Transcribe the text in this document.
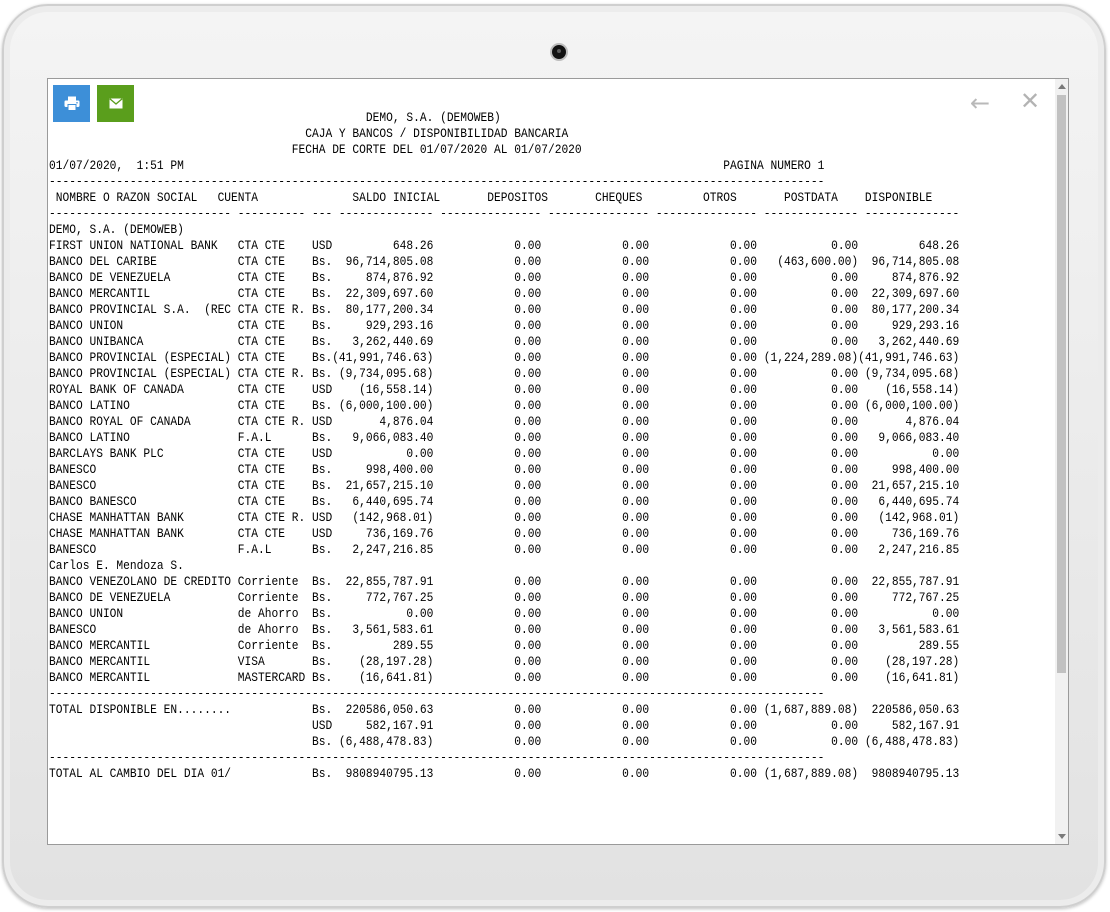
← ✕
DEMO, S.A. (DEMOWEB)
CAJA Y BANCOS / DISPONIBILIDAD BANCARIA
FECHA DE CORTE DEL 01/07/2020 AL 01/07/2020
01/07/2020,  1:51 PM                                                                                PAGINA NUMERO 1
-------------------------------------------------------------------------------------------------------------------
NOMBRE O RAZON SOCIAL   CUENTA              SALDO INICIAL       DEPOSITOS       CHEQUES         OTROS       POSTDATA    DISPONIBLE
--------------------------- ---------- --- -------------- --------------- --------------- --------------- -------------- --------------
DEMO, S.A. (DEMOWEB)
FIRST UNION NATIONAL BANK   CTA CTE    USD         648.26            0.00            0.00            0.00           0.00         648.26
BANCO DEL CARIBE            CTA CTE    Bs.  96,714,805.08            0.00            0.00            0.00   (463,600.00)  96,714,805.08
BANCO DE VENEZUELA          CTA CTE    Bs.     874,876.92            0.00            0.00            0.00           0.00     874,876.92
BANCO MERCANTIL             CTA CTE    Bs.  22,309,697.60            0.00            0.00            0.00           0.00  22,309,697.60
BANCO PROVINCIAL S.A.  (REC CTA CTE R. Bs.  80,177,200.34            0.00            0.00            0.00           0.00  80,177,200.34
BANCO UNION                 CTA CTE    Bs.     929,293.16            0.00            0.00            0.00           0.00     929,293.16
BANCO UNIBANCA              CTA CTE    Bs.   3,262,440.69            0.00            0.00            0.00           0.00   3,262,440.69
BANCO PROVINCIAL (ESPECIAL) CTA CTE    Bs.(41,991,746.63)            0.00            0.00            0.00 (1,224,289.08)(41,991,746.63)
BANCO PROVINCIAL (ESPECIAL) CTA CTE R. Bs. (9,734,095.68)            0.00            0.00            0.00           0.00 (9,734,095.68)
ROYAL BANK OF CANADA        CTA CTE    USD    (16,558.14)            0.00            0.00            0.00           0.00    (16,558.14)
BANCO LATINO                CTA CTE    Bs. (6,000,100.00)            0.00            0.00            0.00           0.00 (6,000,100.00)
BANCO ROYAL OF CANADA       CTA CTE R. USD       4,876.04            0.00            0.00            0.00           0.00       4,876.04
BANCO LATINO                F.A.L      Bs.   9,066,083.40            0.00            0.00            0.00           0.00   9,066,083.40
BARCLAYS BANK PLC           CTA CTE    USD           0.00            0.00            0.00            0.00           0.00           0.00
BANESCO                     CTA CTE    Bs.     998,400.00            0.00            0.00            0.00           0.00     998,400.00
BANESCO                     CTA CTE    Bs.  21,657,215.10            0.00            0.00            0.00           0.00  21,657,215.10
BANCO BANESCO               CTA CTE    Bs.   6,440,695.74            0.00            0.00            0.00           0.00   6,440,695.74
CHASE MANHATTAN BANK        CTA CTE R. USD   (142,968.01)            0.00            0.00            0.00           0.00   (142,968.01)
CHASE MANHATTAN BANK        CTA CTE    USD     736,169.76            0.00            0.00            0.00           0.00     736,169.76
BANESCO                     F.A.L      Bs.   2,247,216.85            0.00            0.00            0.00           0.00   2,247,216.85
Carlos E. Mendoza S.
BANCO VENEZOLANO DE CREDITO Corriente  Bs.  22,855,787.91            0.00            0.00            0.00           0.00  22,855,787.91
BANCO DE VENEZUELA          Corriente  Bs.     772,767.25            0.00            0.00            0.00           0.00     772,767.25
BANCO UNION                 de Ahorro  Bs.           0.00            0.00            0.00            0.00           0.00           0.00
BANESCO                     de Ahorro  Bs.   3,561,583.61            0.00            0.00            0.00           0.00   3,561,583.61
BANCO MERCANTIL             Corriente  Bs.         289.55            0.00            0.00            0.00           0.00         289.55
BANCO MERCANTIL             VISA       Bs.    (28,197.28)            0.00            0.00            0.00           0.00    (28,197.28)
BANCO MERCANTIL             MASTERCARD Bs.    (16,641.81)            0.00            0.00            0.00           0.00    (16,641.81)
-------------------------------------------------------------------------------------------------------------------
TOTAL DISPONIBLE EN........            Bs.  220586,050.63            0.00            0.00            0.00 (1,687,889.08)  220586,050.63
USD     582,167.91            0.00            0.00            0.00           0.00     582,167.91
Bs. (6,488,478.83)            0.00            0.00            0.00           0.00 (6,488,478.83)
-------------------------------------------------------------------------------------------------------------------
TOTAL AL CAMBIO DEL DIA 01/            Bs.  9808940795.13            0.00            0.00            0.00 (1,687,889.08)  9808940795.13
